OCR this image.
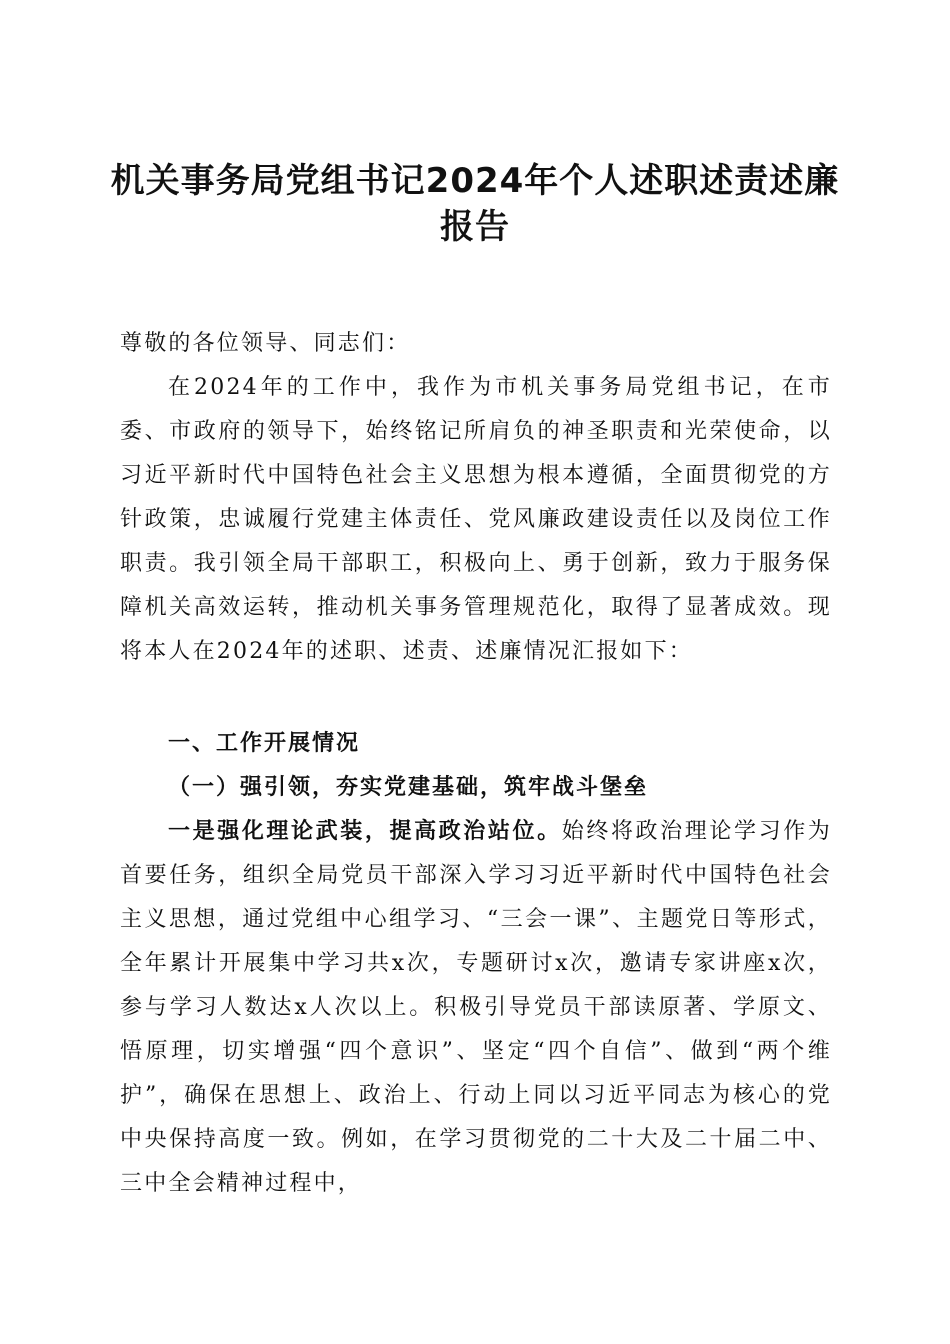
机关事务局党组书记2024年个人述职述责述廉报告

尊敬的各位领导、同志们：

在2024年的工作中，我作为市机关事务局党组书记，在市委、市政府的领导下，始终铭记所肩负的神圣职责和光荣使命，以习近平新时代中国特色社会主义思想为根本遵循，全面贯彻党的方针政策，忠诚履行党建主体责任、党风廉政建设责任以及岗位工作职责。我引领全局干部职工，积极向上、勇于创新，致力于服务保障机关高效运转，推动机关事务管理规范化，取得了显著成效。现将本人在2024年的述职、述责、述廉情况汇报如下：

一、工作开展情况

（一）强引领，夯实党建基础，筑牢战斗堡垒

一是强化理论武装，提高政治站位。始终将政治理论学习作为首要任务，组织全局党员干部深入学习习近平新时代中国特色社会主义思想，通过党组中心组学习、“三会一课”、主题党日等形式，全年累计开展集中学习共x次，专题研讨x次，邀请专家讲座x次，参与学习人数达x人次以上。积极引导党员干部读原著、学原文、悟原理，切实增强“四个意识”、坚定“四个自信”、做到“两个维护”，确保在思想上、政治上、行动上同以习近平同志为核心的党中央保持高度一致。例如，在学习贯彻党的二十大及二十届二中、三中全会精神过程中，
